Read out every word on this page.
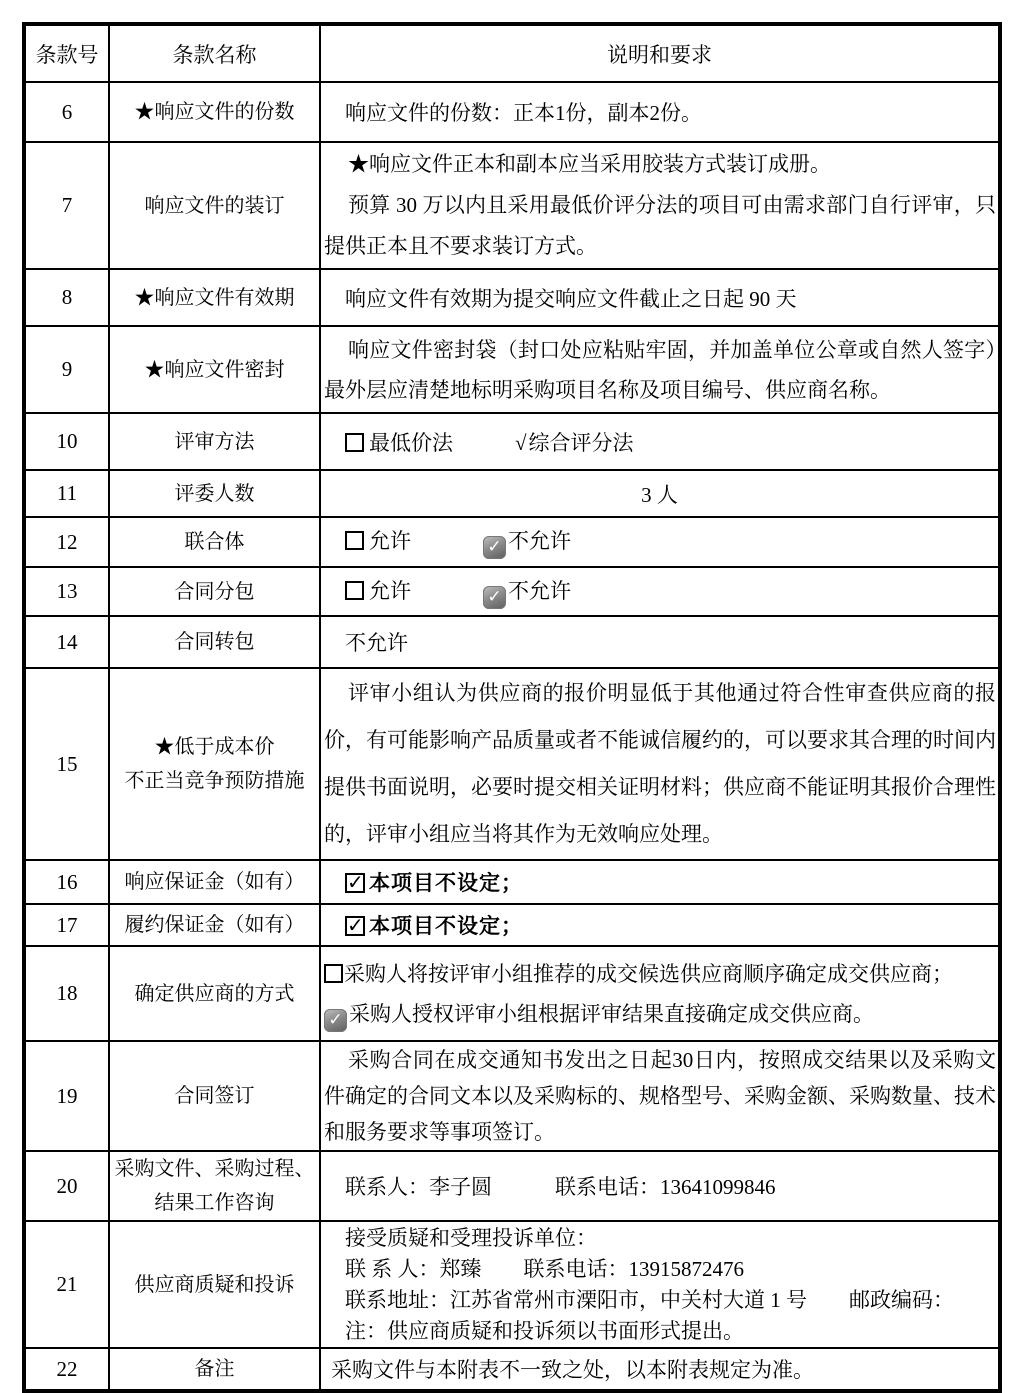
条款号	条款名称	说明和要求
6	★响应文件的份数	响应文件的份数：正本1份，副本2份。
7	响应文件的装订	★响应文件正本和副本应当采用胶装方式装订成册。
预算 30 万以内且采用最低价评分法的项目可由需求部门自行评审，只提供正本且不要求装订方式。

8	★响应文件有效期	响应文件有效期为提交响应文件截止之日起 90 天
9	★响应文件密封	响应文件密封袋（封口处应粘贴牢固，并加盖单位公章或自然人签字）最外层应清楚地标明采购项目名称及项目编号、供应商名称。

10	评审方法	最低价法 √综合评分法
11	评委人数	3 人
12	联合体	允许 ✓ 不允许
13	合同分包	允许 ✓ 不允许
14	合同转包	不允许
15	★低于成本价
不正当竞争预防措施	评审小组认为供应商的报价明显低于其他通过符合性审查供应商的报价，有可能影响产品质量或者不能诚信履约的，可以要求其合理的时间内提供书面说明，必要时提交相关证明材料；供应商不能证明其报价合理性的，评审小组应当将其作为无效响应处理。

16	响应保证金（如有）	✓ 本项目不设定；
17	履约保证金（如有）	✓ 本项目不设定；
18	确定供应商的方式	采购人将按评审小组推荐的成交候选供应商顺序确定成交供应商；
✓ 采购人授权评审小组根据评审结果直接确定成交供应商。

19	合同签订	采购合同在成交通知书发出之日起30日内，按照成交结果以及采购文件确定的合同文本以及采购标的、规格型号、采购金额、采购数量、技术和服务要求等事项签订。

20	采购文件、采购过程、
结果工作咨询	联系人：李子圆　　　联系电话：13641099846
21	供应商质疑和投诉	接受质疑和受理投诉单位：
联 系 人：郑臻　　联系电话：13915872476
联系地址：江苏省常州市溧阳市，中关村大道 1 号　　邮政编码：
注：供应商质疑和投诉须以书面形式提出。

22	备注	采购文件与本附表不一致之处，以本附表规定为准。
